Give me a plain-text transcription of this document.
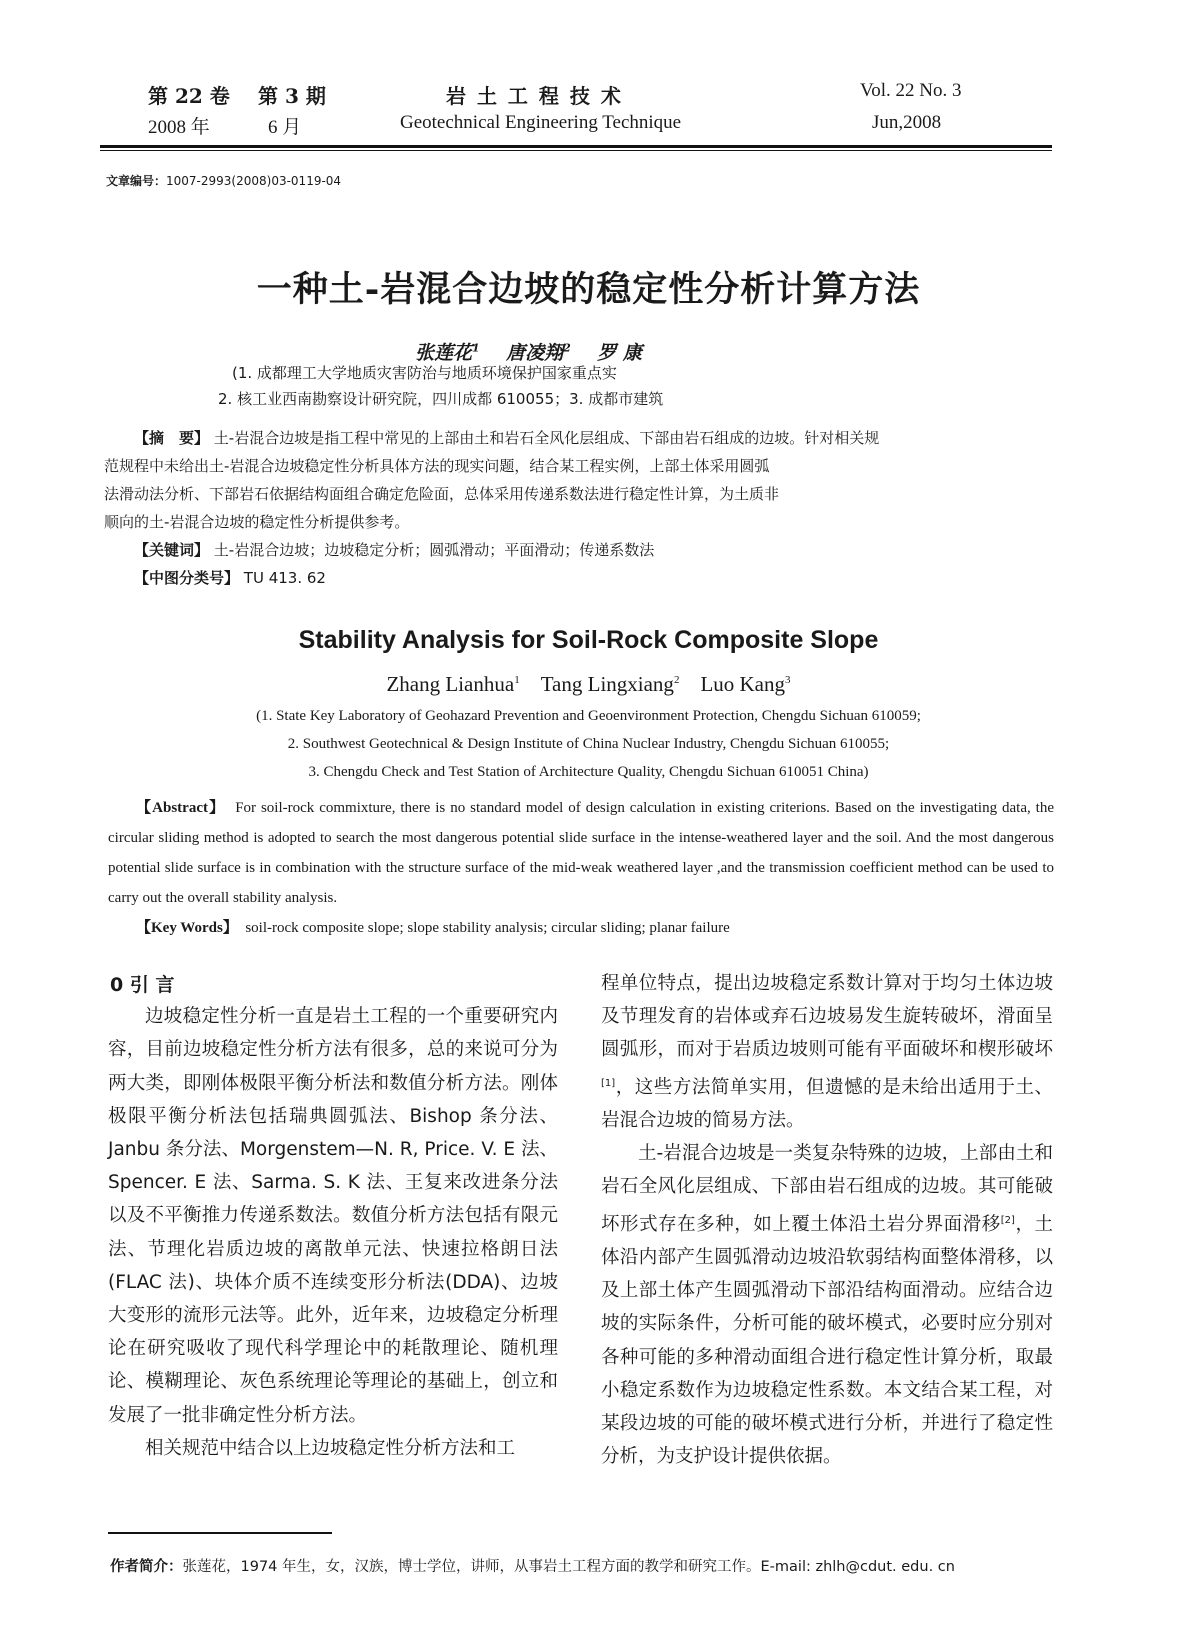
第 22 卷 第 3 期	岩 土 工 程 技 术	Vol. 22 No. 3
2008 年	6 月	Geotechnical Engineering Technique	Jun,2008
文章编号：1007-2993(2008)03-0119-04
一种土-岩混合边坡的稳定性分析计算方法
张莲花$^1$ 唐凌翔$^2$ 罗 康
(1. 成都理工大学地质灾害防治与地质环境保护国家重点实
2. 核工业西南勘察设计研究院，四川成都 610055；3. 成都市建筑

【摘　要】 土-岩混合边坡是指工程中常见的上部由土和岩石全风化层组成、下部由岩石组成的边坡。针对相关规

范规程中未给出土-岩混合边坡稳定性分析具体方法的现实问题，结合某工程实例，上部土体采用圆弧

法滑动法分析、下部岩石依据结构面组合确定危险面，总体采用传递系数法进行稳定性计算，为土质非

顺向的土-岩混合边坡的稳定性分析提供参考。

【关键词】 土-岩混合边坡；边坡稳定分析；圆弧滑动；平面滑动；传递系数法

【中图分类号】 TU 413. 62

Stability Analysis for Soil-Rock Composite Slope
Zhang Lianhua$^1$ Tang Lingxiang$^2$ Luo Kang$^3$
(1. State Key Laboratory of Geohazard Prevention and Geoenvironment Protection, Chengdu Sichuan 610059;
2. Southwest Geotechnical & Design Institute of China Nuclear Industry, Chengdu Sichuan 610055;
3. Chengdu Check and Test Station of Architecture Quality, Chengdu Sichuan 610051 China)

【Abstract】 For soil-rock commixture, there is no standard model of design calculation in existing criterions. Based on the investigating data, the circular sliding method is adopted to search the most dangerous potential slide surface in the intense-weathered layer and the soil. And the most dangerous potential slide surface is in combination with the structure surface of the mid-weak weathered layer ,and the transmission coefficient method can be used to carry out the overall stability analysis.

【Key Words】 soil-rock composite slope; slope stability analysis; circular sliding; planar failure

0 引 言

边坡稳定性分析一直是岩土工程的一个重要研究内容，目前边坡稳定性分析方法有很多，总的来说可分为两大类，即刚体极限平衡分析法和数值分析方法。刚体极限平衡分析法包括瑞典圆弧法、Bishop 条分法、Janbu 条分法、Morgenstem—N. R, Price. V. E 法、Spencer. E 法、Sarma. S. K 法、王复来改进条分法以及不平衡推力传递系数法。数值分析方法包括有限元法、节理化岩质边坡的离散单元法、快速拉格朗日法(FLAC 法)、块体介质不连续变形分析法(DDA)、边坡大变形的流形元法等。此外，近年来，边坡稳定分析理论在研究吸收了现代科学理论中的耗散理论、随机理论、模糊理论、灰色系统理论等理论的基础上，创立和发展了一批非确定性分析方法。

相关规范中结合以上边坡稳定性分析方法和工

程单位特点，提出边坡稳定系数计算对于均匀土体边坡及节理发育的岩体或弃石边坡易发生旋转破坏，滑面呈圆弧形，而对于岩质边坡则可能有平面破坏和楔形破坏[1]，这些方法简单实用，但遗憾的是未给出适用于土、岩混合边坡的简易方法。

土-岩混合边坡是一类复杂特殊的边坡，上部由土和岩石全风化层组成、下部由岩石组成的边坡。其可能破坏形式存在多种，如上覆土体沿土岩分界面滑移[2]，土体沿内部产生圆弧滑动边坡沿软弱结构面整体滑移，以及上部土体产生圆弧滑动下部沿结构面滑动。应结合边坡的实际条件，分析可能的破坏模式，必要时应分别对各种可能的多种滑动面组合进行稳定性计算分析，取最小稳定系数作为边坡稳定性系数。本文结合某工程，对某段边坡的可能的破坏模式进行分析，并进行了稳定性分析，为支护设计提供依据。

作者简介：张莲花，1974 年生，女，汉族，博士学位，讲师，从事岩土工程方面的教学和研究工作。E-mail: zhlh@cdut. edu. cn
